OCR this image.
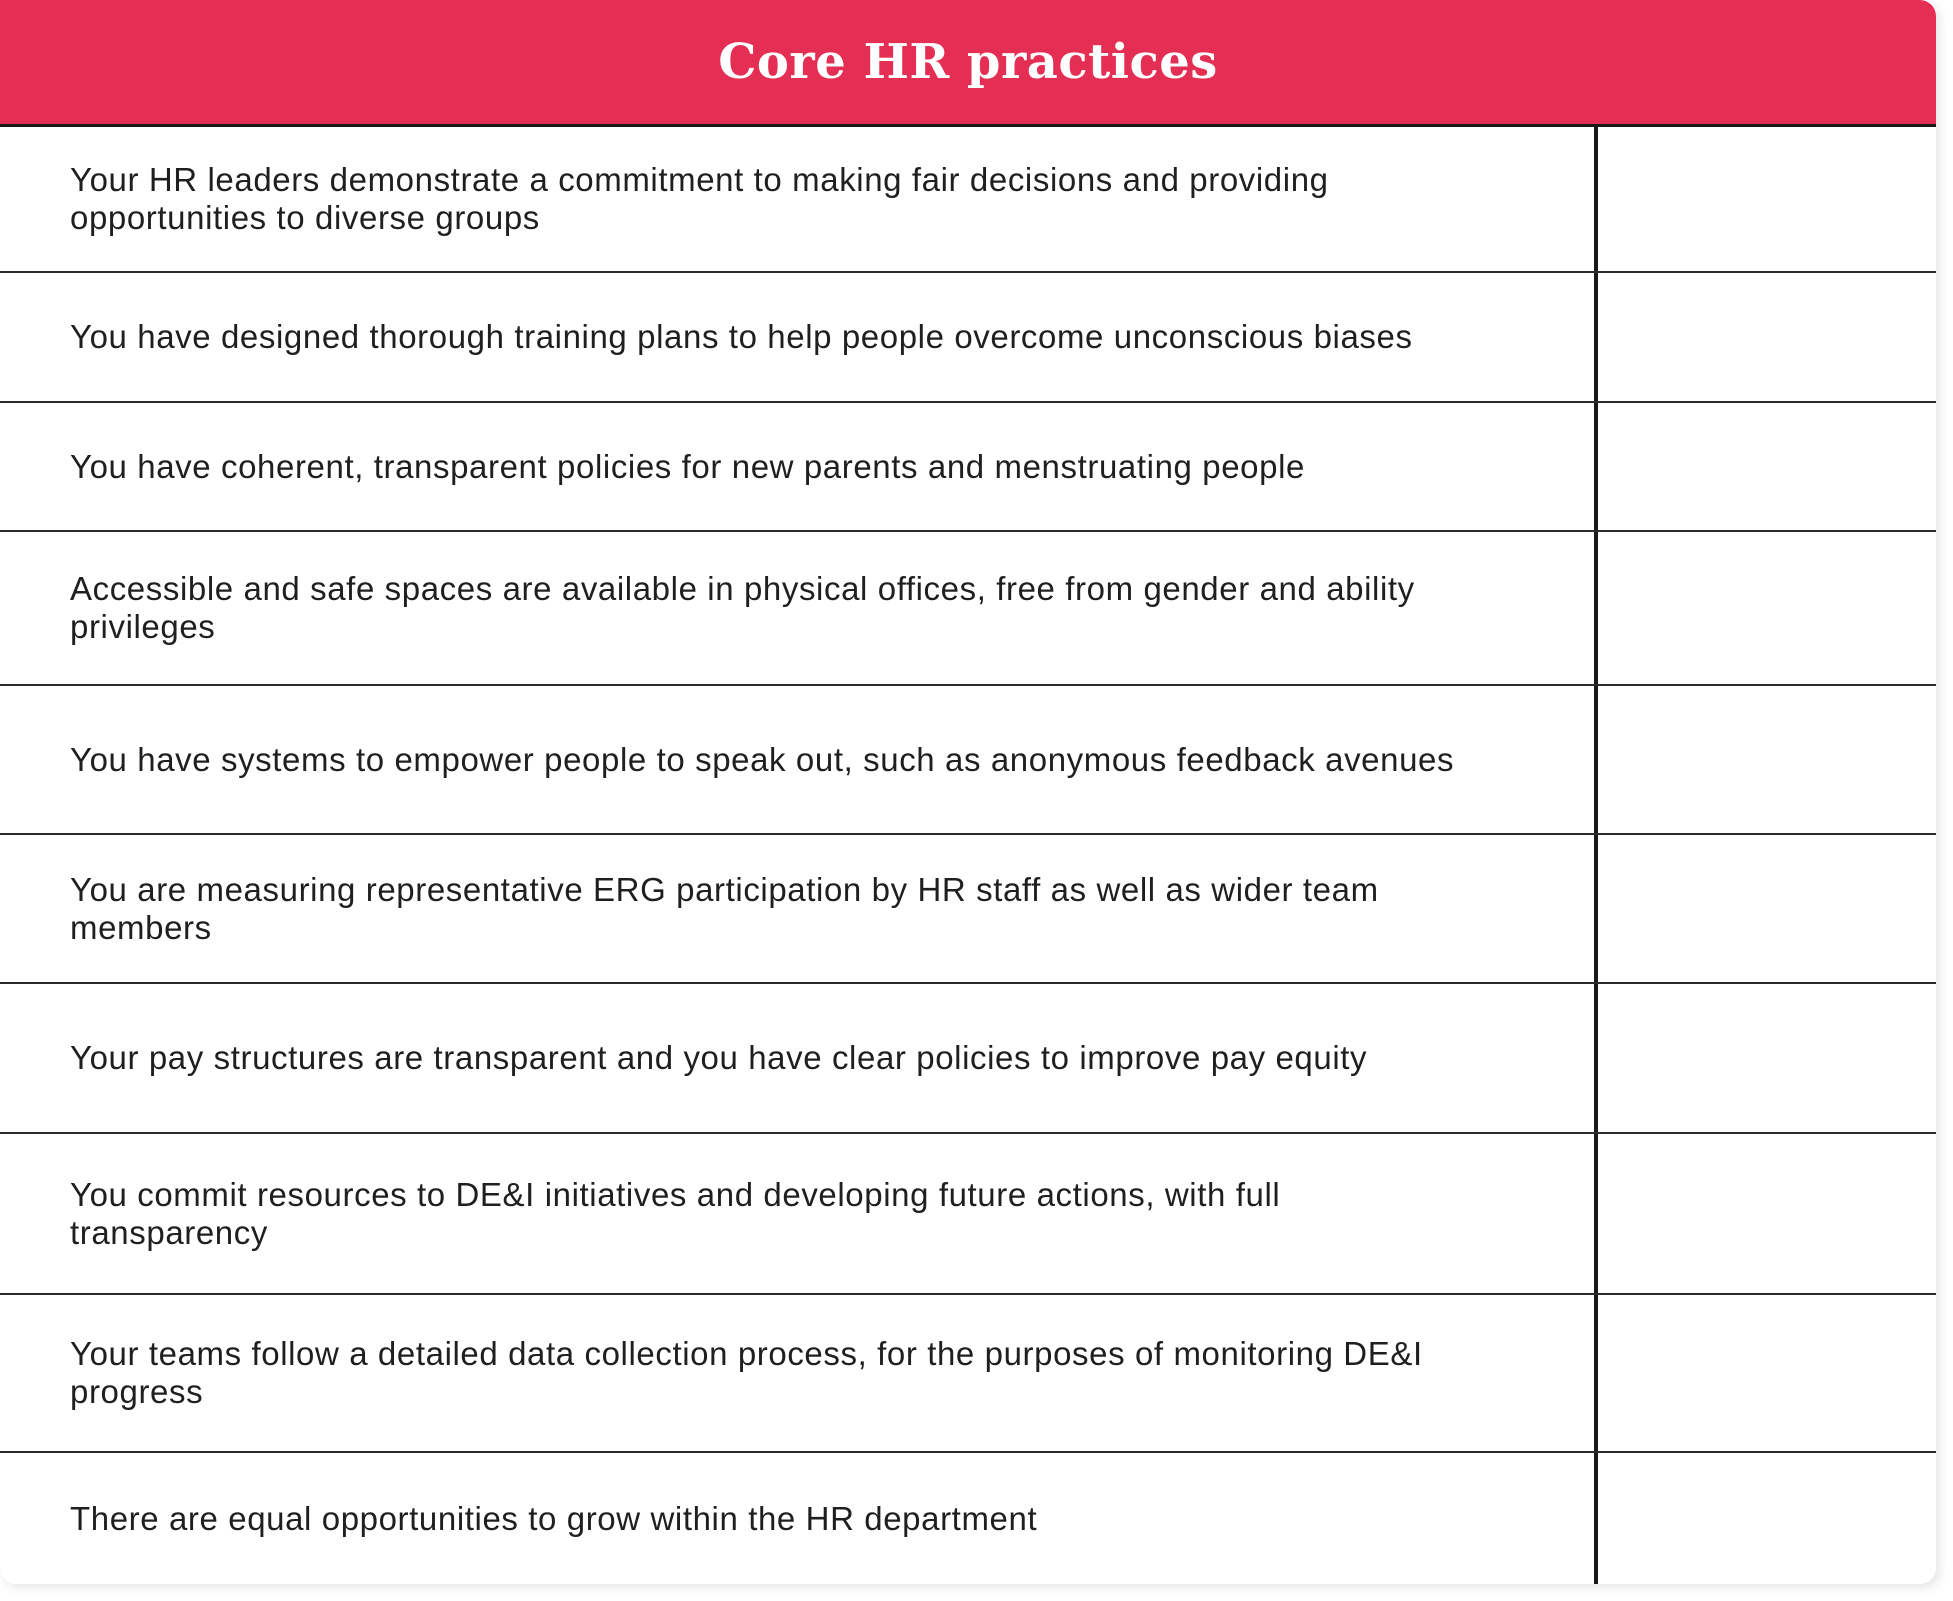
Core HR practices
Your HR leaders demonstrate a commitment to making fair decisions and providing opportunities to diverse groups
You have designed thorough training plans to help people overcome unconscious biases
You have coherent, transparent policies for new parents and menstruating people
Accessible and safe spaces are available in physical offices, free from gender and ability privileges
You have systems to empower people to speak out, such as anonymous feedback avenues
You are measuring representative ERG participation by HR staff as well as wider team members
Your pay structures are transparent and you have clear policies to improve pay equity
You commit resources to DE&I initiatives and developing future actions, with full transparency
Your teams follow a detailed data collection process, for the purposes of monitoring DE&I progress
There are equal opportunities to grow within the HR department
